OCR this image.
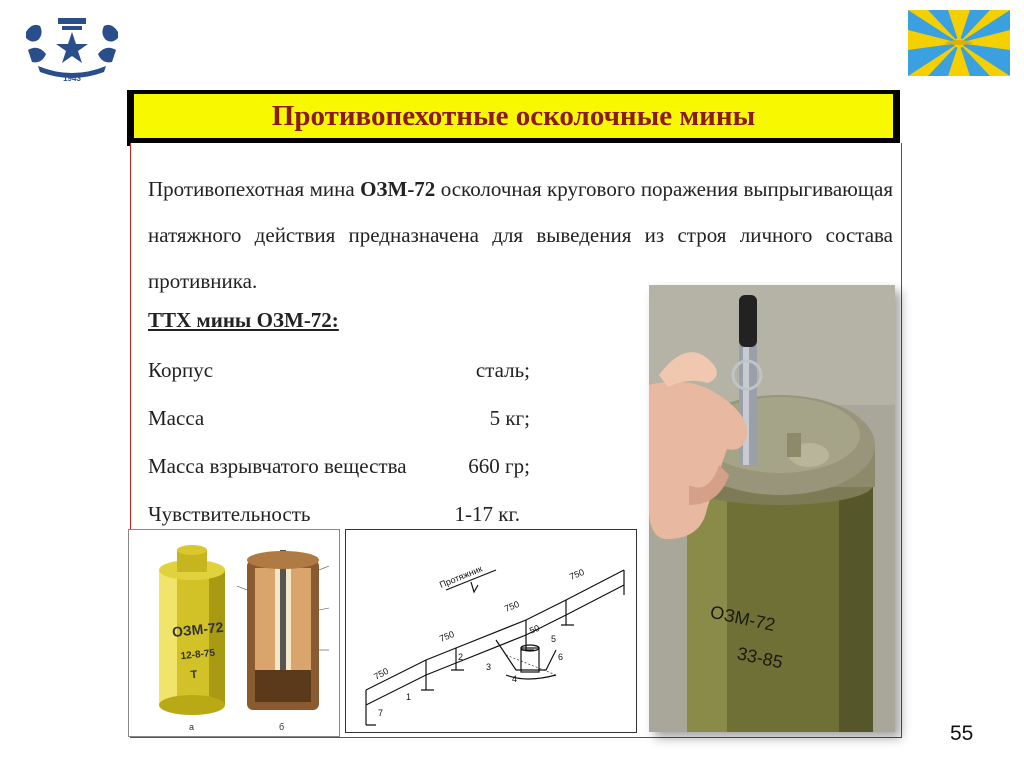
1943
Противопехотные осколочные мины
Противопехотная мина ОЗМ-72 осколочная кругового поражения выпрыгивающая натяжного действия предназначена для выведения из строя личного состава противника.
ТТХ мины ОЗМ-72:
Корпус	сталь;
Масса	5 кг;
Масса взрывчатого вещества	660 гр;
Чувствительность	1-17 кг.
ОЗМ-72
33-85
ОЗМ-72
12-8-75
Т
а	б
Протяжник
750
750
750
750
50
1
2
3
4
5
6
7
55
